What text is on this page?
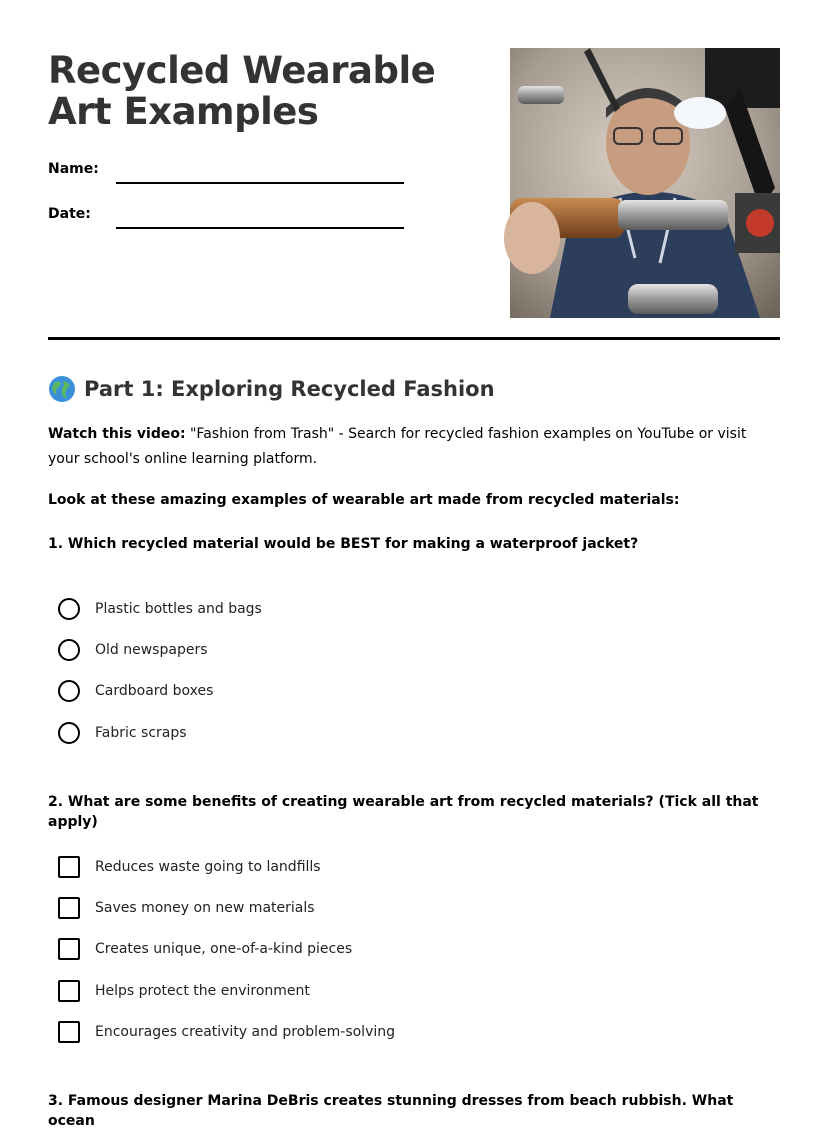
Recycled Wearable Art Examples
Name:
Date:
Part 1: Exploring Recycled Fashion

Watch this video: "Fashion from Trash" - Search for recycled fashion examples on YouTube or visit your school's online learning platform.

Look at these amazing examples of wearable art made from recycled materials:

1. Which recycled material would be BEST for making a waterproof jacket?

Plastic bottles and bags
Old newspapers
Cardboard boxes
Fabric scraps

2. What are some benefits of creating wearable art from recycled materials? (Tick all that apply)

Reduces waste going to landfills
Saves money on new materials
Creates unique, one-of-a-kind pieces
Helps protect the environment
Encourages creativity and problem-solving

3. Famous designer Marina DeBris creates stunning dresses from beach rubbish. What ocean
